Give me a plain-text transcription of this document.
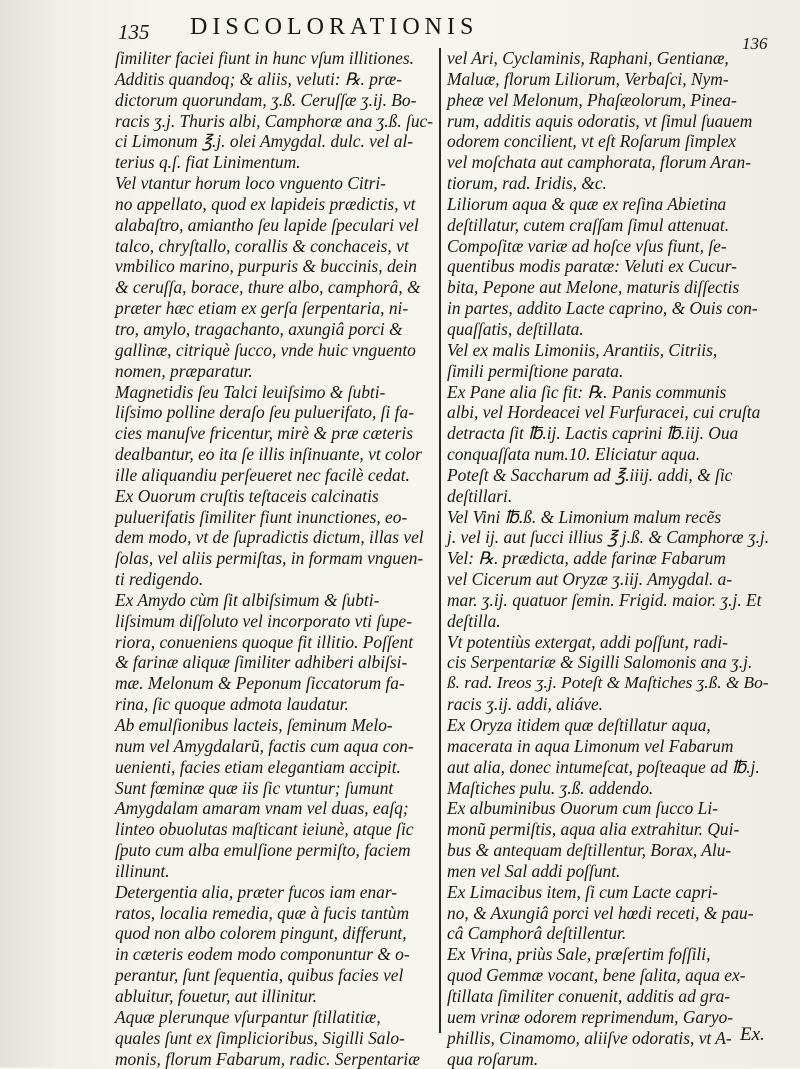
135 DISCOLORATIONIS
136
ſimiliter faciei fiunt in hunc vſum illitiones.
Additis quandoq; & aliis, veluti: ℞. præ-
dictorum quorundam, ʒ.ß. Ceruſſæ ʒ.ij. Bo-
racis ʒ.j. Thuris albi, Camphoræ ana ʒ.ß. ſuc-
ci Limonum ℥.j. olei Amygdal. dulc. vel al-
terius q.ſ. fiat Linimentum.
Vel vtantur horum loco vnguento Citri-
no appellato, quod ex lapideis prædictis, vt
alabaſtro, amiantho ſeu lapide ſpeculari vel
talco, chryſtallo, corallis & conchaceis, vt
vmbilico marino, purpuris & buccinis, dein
& ceruſſa, borace, thure albo, camphorâ, &
præter hæc etiam ex gerſa ſerpentaria, ni-
tro, amylo, tragachanto, axungiâ porci &
gallinæ, citriquè ſucco, vnde huic vnguento
nomen, præparatur.
Magnetidis ſeu Talci leuiſsimo & ſubti-
liſsimo polline deraſo ſeu puluerifato, ſi fa-
cies manuſve fricentur, mirè & præ cæteris
dealbantur, eo ita ſe illis inſinuante, vt color
ille aliquandiu perſeueret nec facilè cedat.
Ex Ouorum cruſtis teſtaceis calcinatis
puluerifatis ſimiliter fiunt inunctiones, eo-
dem modo, vt de ſupradictis dictum, illas vel
ſolas, vel aliis permiſtas, in formam vnguen-
ti redigendo.
Ex Amydo cùm ſit albiſsimum & ſubti-
liſsimum diſſoluto vel incorporato vti ſupe-
riora, conueniens quoque fit illitio. Poſſent
& farinæ aliquæ ſimiliter adhiberi albiſsi-
mæ. Melonum & Peponum ſiccatorum fa-
rina, ſic quoque admota laudatur.
Ab emulſionibus lacteis, ſeminum Melo-
num vel Amygdalarũ, factis cum aqua con-
uenienti, facies etiam elegantiam accipit.
Sunt fœminæ quæ iis ſic vtuntur; ſumunt
Amygdalam amaram vnam vel duas, eaſq;
linteo obuolutas maſticant ieiunè, atque ſic
ſputo cum alba emulſione permiſto, faciem
illinunt.
Detergentia alia, præter fucos iam enar-
ratos, localia remedia, quæ à fucis tantùm
quod non albo colorem pingunt, differunt,
in cæteris eodem modo componuntur & o-
perantur, ſunt ſequentia, quibus facies vel
abluitur, fouetur, aut illinitur.
Aquæ plerunque vſurpantur ſtillatitiæ,
quales ſunt ex ſimplicioribus, Sigilli Salo-
monis, florum Fabarum, radic. Serpentariæ
vel Ari, Cyclaminis, Raphani, Gentianæ,
Maluæ, florum Liliorum, Verbaſci, Nym-
pheæ vel Melonum, Phaſæolorum, Pinea-
rum, additis aquis odoratis, vt ſimul ſuauem
odorem concilient, vt eſt Roſarum ſimplex
vel moſchata aut camphorata, florum Aran-
tiorum, rad. Iridis, &c.
Liliorum aqua & quæ ex reſina Abietina
deſtillatur, cutem craſſam ſimul attenuat.
Compoſitæ variæ ad hoſce vſus fiunt, ſe-
quentibus modis paratæ: Veluti ex Cucur-
bita, Pepone aut Melone, maturis diſſectis
in partes, addito Lacte caprino, & Ouis con-
quaſſatis, deſtillata.
Vel ex malis Limoniis, Arantiis, Citriis,
ſimili permiſtione parata.
Ex Pane alia ſic fit: ℞. Panis communis
albi, vel Hordeacei vel Furfuracei, cui cruſta
detracta ſit ℔.ij. Lactis caprini ℔.iij. Oua
conquaſſata num.10. Eliciatur aqua.
Poteſt & Saccharum ad ℥.iiij. addi, & ſic
deſtillari.
Vel Vini ℔.ß. & Limonium malum recẽs
j. vel ij. aut ſucci illius ℥ j.ß. & Camphoræ ʒ.j.
Vel: ℞. prædicta, adde farinæ Fabarum
vel Cicerum aut Oryzæ ʒ.iij. Amygdal. a-
mar. ʒ.ij. quatuor ſemin. Frigid. maior. ʒ.j. Et
deſtilla.
Vt potentiùs extergat, addi poſſunt, radi-
cis Serpentariæ & Sigilli Salomonis ana ʒ.j.
ß. rad. Ireos ʒ.j. Poteſt & Maſtiches ʒ.ß. & Bo-
racis ʒ.ij. addi, aliáve.
Ex Oryza itidem quæ deſtillatur aqua,
macerata in aqua Limonum vel Fabarum
aut alia, donec intumeſcat, poſteaque ad ℔.j.
Maſtiches pulu. ʒ.ß. addendo.
Ex albuminibus Ouorum cum ſucco Li-
monũ permiſtis, aqua alia extrahitur. Qui-
bus & antequam deſtillentur, Borax, Alu-
men vel Sal addi poſſunt.
Ex Limacibus item, ſi cum Lacte capri-
no, & Axungiâ porci vel hœdi receti, & pau-
câ Camphorâ deſtillentur.
Ex Vrina, priùs Sale, præſertim foſſili,
quod Gemmæ vocant, bene ſalita, aqua ex-
ſtillata ſimiliter conuenit, additis ad gra-
uem vrinæ odorem reprimendum, Garyo-
phillis, Cinamomo, aliiſve odoratis, vt A-
qua roſarum.
Ex.
